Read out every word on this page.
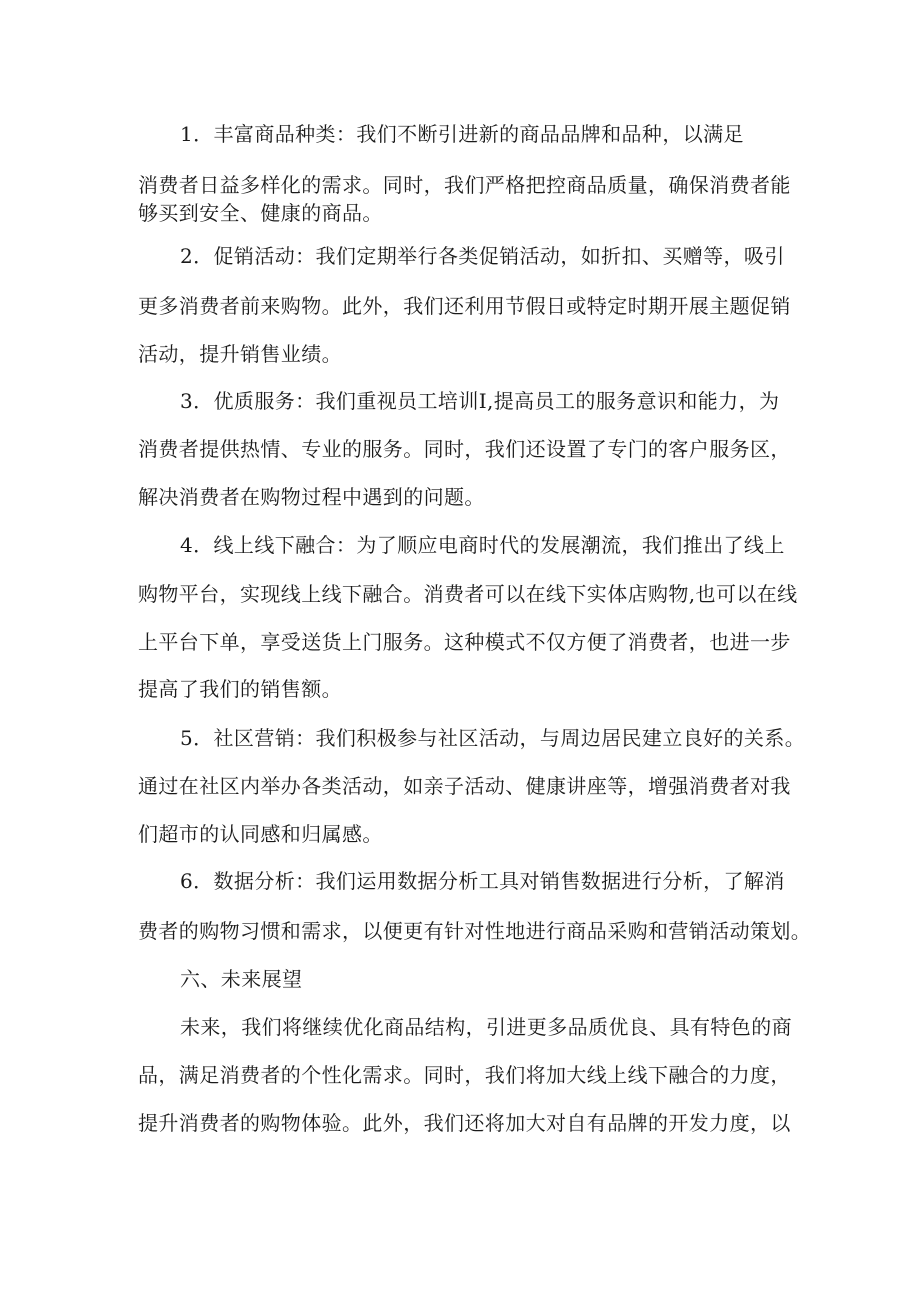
1．丰富商品种类：我们不断引进新的商品品牌和品种，以满足
消费者日益多样化的需求。同时，我们严格把控商品质量，确保消费者能
够买到安全、健康的商品。
2．促销活动：我们定期举行各类促销活动，如折扣、买赠等，吸引
更多消费者前来购物。此外，我们还利用节假日或特定时期开展主题促销
活动，提升销售业绩。
3．优质服务：我们重视员工培训Ⅰ,提高员工的服务意识和能力，为
消费者提供热情、专业的服务。同时，我们还设置了专门的客户服务区，
解决消费者在购物过程中遇到的问题。
4．线上线下融合：为了顺应电商时代的发展潮流，我们推出了线上
购物平台，实现线上线下融合。消费者可以在线下实体店购物,也可以在线
上平台下单，享受送货上门服务。这种模式不仅方便了消费者，也进一步
提高了我们的销售额。
5．社区营销：我们积极参与社区活动，与周边居民建立良好的关系。
通过在社区内举办各类活动，如亲子活动、健康讲座等，增强消费者对我
们超市的认同感和归属感。
6．数据分析：我们运用数据分析工具对销售数据进行分析，了解消
费者的购物习惯和需求，以便更有针对性地进行商品采购和营销活动策划。
六、未来展望
未来，我们将继续优化商品结构，引进更多品质优良、具有特色的商
品，满足消费者的个性化需求。同时，我们将加大线上线下融合的力度，
提升消费者的购物体验。此外，我们还将加大对自有品牌的开发力度，以
